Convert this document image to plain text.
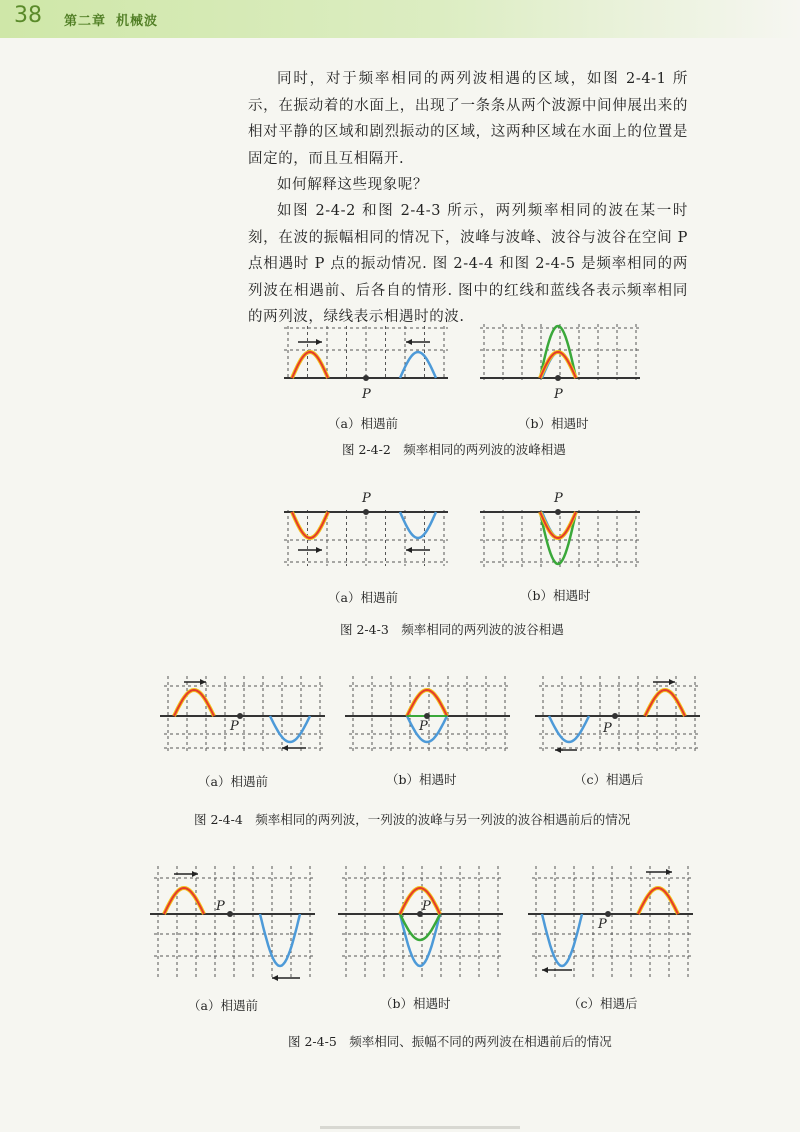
38 第二章 机械波

同时，对于频率相同的两列波相遇的区域，如图 2-4-1 所示，在振动着的水面上，出现了一条条从两个波源中间伸展出来的相对平静的区域和剧烈振动的区域，这两种区域在水面上的位置是固定的，而且互相隔开.

如何解释这些现象呢？

如图 2-4-2 和图 2-4-3 所示，两列频率相同的波在某一时刻，在波的振幅相同的情况下，波峰与波峰、波谷与波谷在空间 P 点相遇时 P 点的振动情况. 图 2-4-4 和图 2-4-5 是频率相同的两列波在相遇前、后各自的情形. 图中的红线和蓝线各表示频率相同的两列波，绿线表示相遇时的波.

P	P
（a）相遇前	（b）相遇时
图 2-4-2　频率相同的两列波的波峰相遇
P	P
（a）相遇前	（b）相遇时
图 2-4-3　频率相同的两列波的波谷相遇
P	P	P
（a）相遇前	（b）相遇时	（c）相遇后
图 2-4-4　频率相同的两列波，一列波的波峰与另一列波的波谷相遇前后的情况
P	P
P
（a）相遇前	（b）相遇时	（c）相遇后
图 2-4-5　频率相同、振幅不同的两列波在相遇前后的情况
